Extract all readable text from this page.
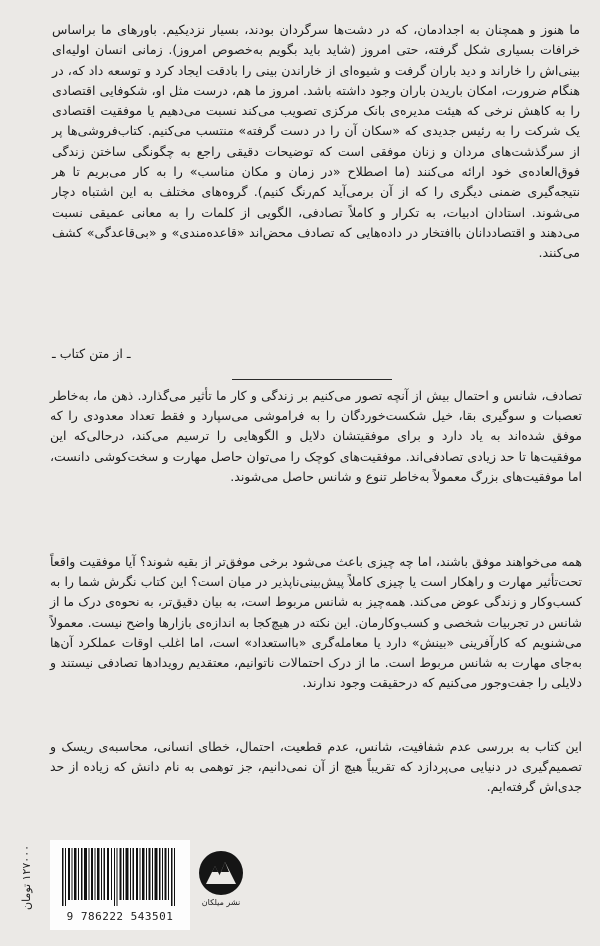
ما هنوز و همچنان به اجدادمان، که در دشت‌ها سرگردان بودند، بسیار نزدیکیم. باورهای ما براساس خرافات بسیاری شکل گرفته، حتی امروز (شاید باید بگویم به‌خصوص امروز). زمانی انسان اولیه‌ای بینی‌اش را خاراند و دید باران گرفت و شیوه‌ای از خاراندن بینی را بادقت ایجاد کرد و توسعه داد که، در هنگام ضرورت، امکان باریدن باران وجود داشته باشد. امروز ما هم، درست مثل او، شکوفایی اقتصادی را به کاهش نرخی که هیئت مدیره‌ی بانک مرکزی تصویب می‌کند نسبت می‌دهیم یا موفقیت اقتصادی یک شرکت را به رئیس جدیدی که «سکان آن را در دست گرفته» منتسب می‌کنیم. کتاب‌فروشی‌ها پر از سرگذشت‌های مردان و زنان موفقی است که توضیحات دقیقی راجع به چگونگی ساختن زندگی فوق‌العاده‌ی خود ارائه می‌کنند (ما اصطلاح «در زمان و مکان مناسب» را به کار می‌بریم تا هر نتیجه‌گیری ضمنی دیگری را که از آن برمی‌آید کم‌رنگ کنیم). گروه‌های مختلف به این اشتباه دچار می‌شوند. استادان ادبیات، به تکرار و کاملاً تصادفی، الگویی از کلمات را به معانی عمیقی نسبت می‌دهند و اقتصاددانان باافتخار در داده‌هایی که تصادف محض‌اند «قاعده‌مندی» و «بی‌قاعدگی» کشف می‌کنند.

ـ از متن کتاب ـ

تصادف، شانس و احتمال بیش از آنچه تصور می‌کنیم بر زندگی و کار ما تأثیر می‌گذارد. ذهن ما، به‌خاطر تعصبات و سوگیری بقا، خیل شکست‌خوردگان را به فراموشی می‌سپارد و فقط تعداد معدودی را که موفق شده‌اند به یاد دارد و برای موفقیتشان دلایل و الگوهایی را ترسیم می‌کند، درحالی‌که این موفقیت‌ها تا حد زیادی تصادفی‌اند. موفقیت‌های کوچک را می‌توان حاصل مهارت و سخت‌کوشی دانست، اما موفقیت‌های بزرگ معمولاً به‌خاطر تنوع و شانس حاصل می‌شوند.

همه می‌خواهند موفق باشند، اما چه چیزی باعث می‌شود برخی موفق‌تر از بقیه شوند؟ آیا موفقیت واقعاً تحت‌تأثیر مهارت و راهکار است یا چیزی کاملاً پیش‌بینی‌ناپذیر در میان است؟ این کتاب نگرش شما را به کسب‌وکار و زندگی عوض می‌کند. همه‌چیز به شانس مربوط است، به بیان دقیق‌تر، به نحوه‌ی درک ما از شانس در تجربیات شخصی و کسب‌وکارمان. این نکته در هیچ‌کجا به اندازه‌ی بازارها واضح نیست. معمولاً می‌شنویم که کارآفرینی «بینش» دارد یا معامله‌گری «بااستعداد» است، اما اغلب اوقات عملکرد آن‌ها به‌جای مهارت به شانس مربوط است. ما از درک احتمالات ناتوانیم، معتقدیم رویدادها تصادفی نیستند و دلایلی را جفت‌وجور می‌کنیم که درحقیقت وجود ندارند.

این کتاب به بررسی عدم شفافیت، شانس، عدم قطعیت، احتمال، خطای انسانی، محاسبه‌ی ریسک و تصمیم‌گیری در دنیایی می‌پردازد که تقریباً هیچ از آن نمی‌دانیم، جز توهمی به نام دانش که زیاده از حد جدی‌اش گرفته‌ایم.

۱۲۷۰۰۰ تومان
9 786222 543501
نشر میلکان
